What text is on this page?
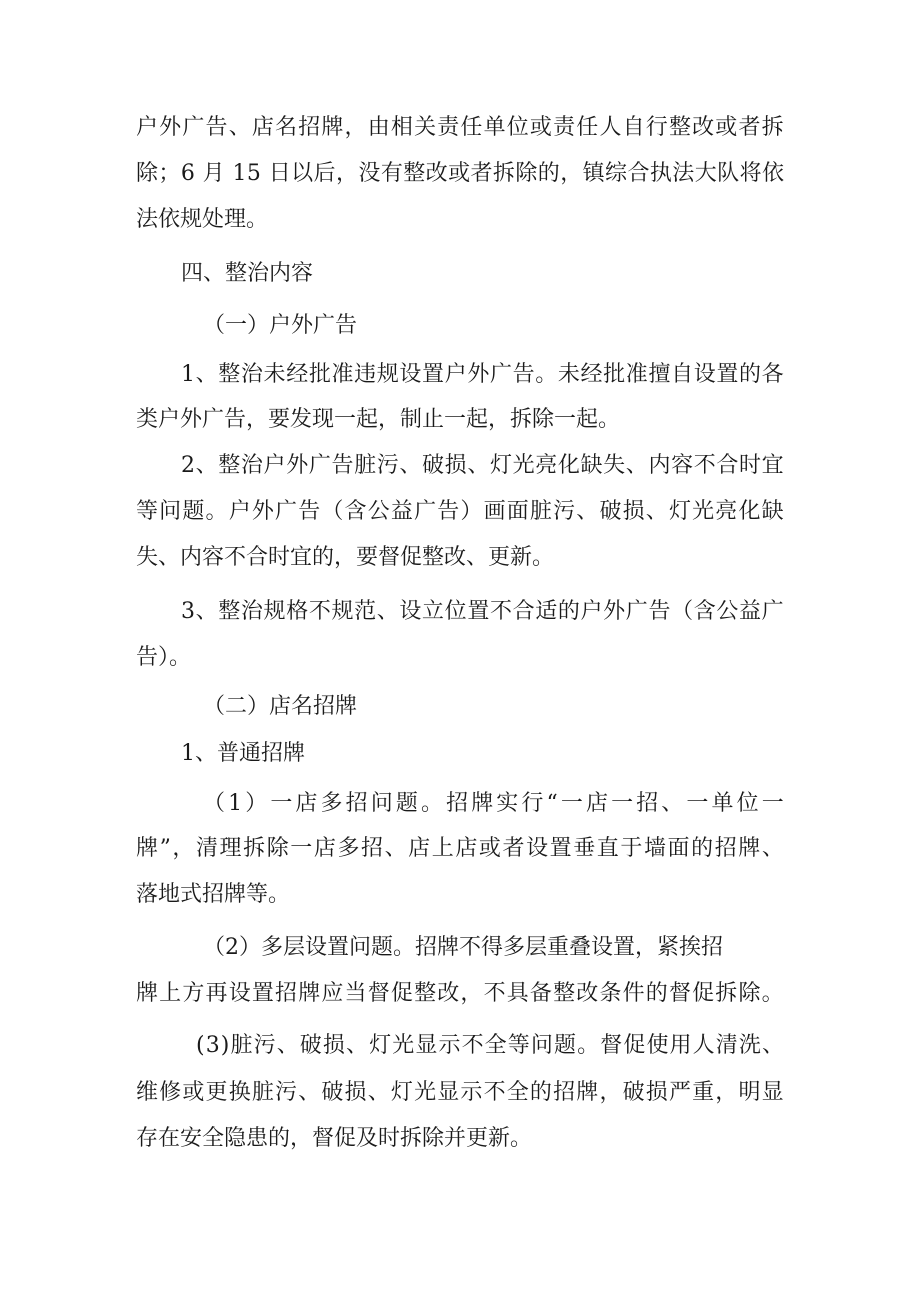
户 外 广 告 、 店 名 招 牌 ， 由 相 关 责 任 单 位 或 责 任 人 自 行 整 改 或 者 拆
除 ； 6
月
1 5
日 以 后 ， 没 有 整 改 或 者 拆 除 的 ， 镇 综 合 执 法 大 队 将 依
法依规处理。
四、整治内容
（一）户外广告
1 、 整 治 未 经 批 准 违 规 设 置 户 外 广 告 。 未 经 批 准 擅 自 设 置 的 各
类户外广告，要发现一起，制止一起，拆除一起。
2 、 整 治 户 外 广 告 脏 污 、 破 损 、 灯 光 亮 化 缺 失 、 内 容 不 合 时 宜
等 问 题 。 户 外 广 告 （ 含 公 益 广 告 ） 画 面 脏 污 、 破 损 、 灯 光 亮 化 缺
失、内容不合时宜的，要督促整改、更新。
3 、 整 治 规 格 不 规 范 、 设 立 位 置 不 合 适 的 户 外 广 告 （ 含 公 益 广
告）。
（二）店名招牌
1、普通招牌
（ 1 ） 一 店 多 招 问 题 。 招 牌 实 行 “ 一 店 一 招 、 一 单 位 一
牌 ” ， 清 理 拆 除 一 店 多 招 、 店 上 店 或 者 设 置 垂 直 于 墙 面 的 招 牌 、
落地式招牌等。
（2）多层设置问题。招牌不得多层重叠设置，紧挨招
牌 上 方 再 设 置 招 牌 应 当 督 促 整 改 ， 不 具 备 整 改 条 件 的 督 促 拆 除 。
( 3 ) 脏 污 、 破 损 、 灯 光 显 示 不 全 等 问 题 。 督 促 使 用 人 清 洗 、
维 修 或 更 换 脏 污 、 破 损 、 灯 光 显 示 不 全 的 招 牌 ， 破 损 严 重 ， 明 显
存在安全隐患的，督促及时拆除并更新。
